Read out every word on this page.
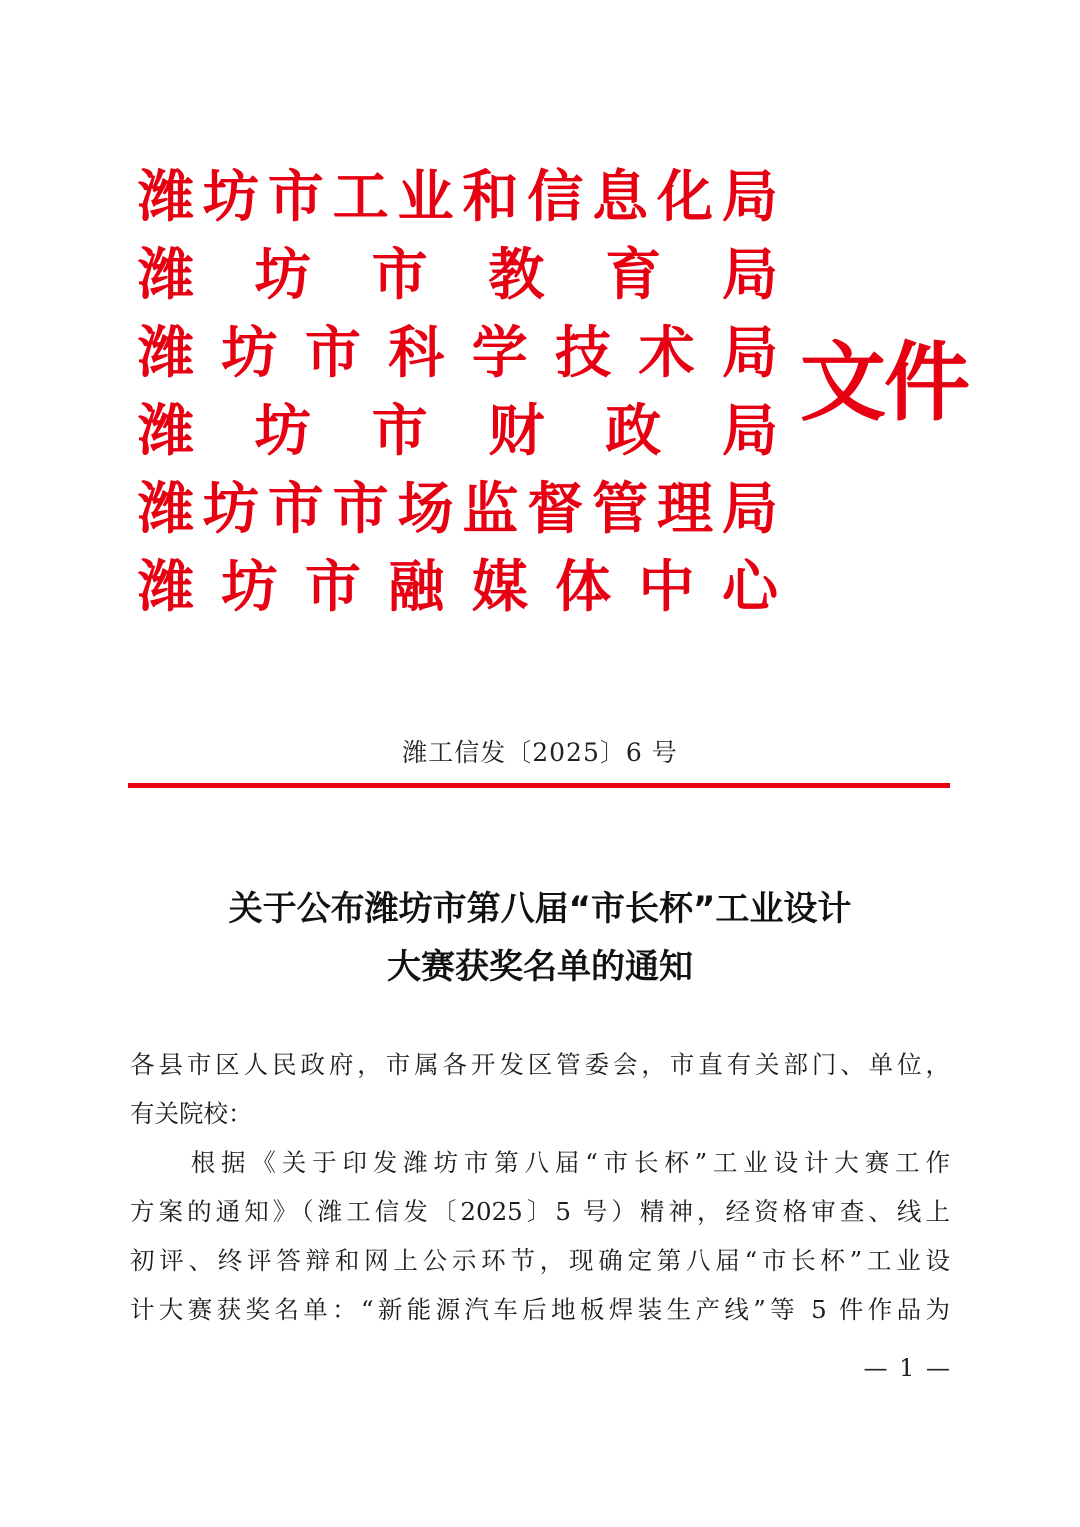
潍 坊 市 工 业 和 信 息 化 局
潍 坊 市 教 育 局
潍 坊 市 科 学 技 术 局
潍 坊 市 财 政 局
潍 坊 市 市 场 监 督 管 理 局
潍 坊 市 融 媒 体 中 心
文件
潍工信发〔2025〕6 号
关于公布潍坊市第八届“市长杯”工业设计
大赛获奖名单的通知
各县市区人民政府，市属各开发区管委会，市直有关部门、单位，
有关院校：
　　根据《关于印发潍坊市第八届“市长杯”工业设计大赛工作
方案的通知》（潍工信发〔2025〕5 号）精神，经资格审查、线上
初评、终评答辩和网上公示环节，现确定第八届“市长杯”工业设
计大赛获奖名单：“新能源汽车后地板焊装生产线”等 5 件作品为
— 1 —
